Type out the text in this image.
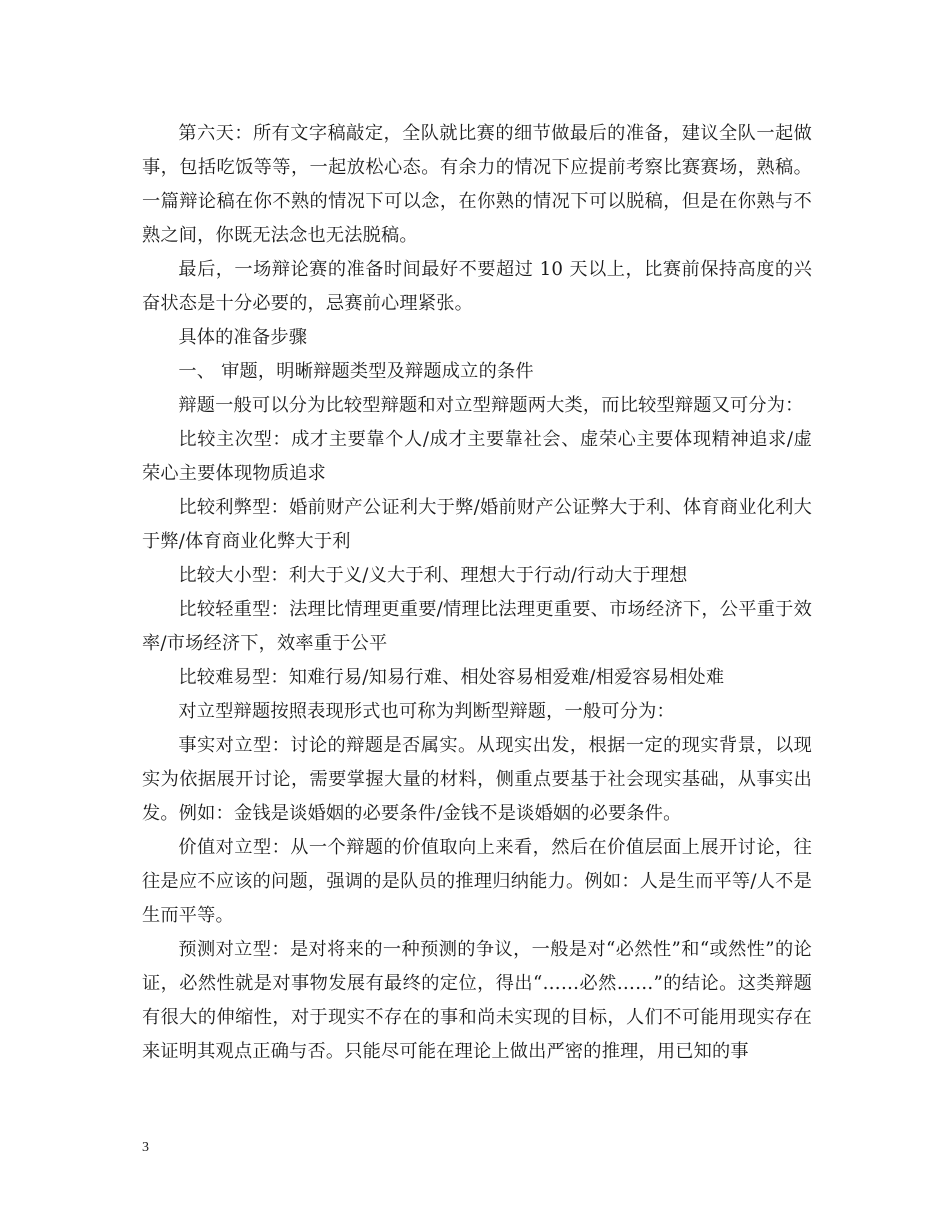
第六天：所有文字稿敲定，全队就比赛的细节做最后的准备，建议全队一起做事，包括吃饭等等，一起放松心态。有余力的情况下应提前考察比赛赛场，熟稿。一篇辩论稿在你不熟的情况下可以念，在你熟的情况下可以脱稿，但是在你熟与不熟之间，你既无法念也无法脱稿。

最后，一场辩论赛的准备时间最好不要超过 10 天以上，比赛前保持高度的兴奋状态是十分必要的，忌赛前心理紧张。

具体的准备步骤

一、 审题，明晰辩题类型及辩题成立的条件

辩题一般可以分为比较型辩题和对立型辩题两大类，而比较型辩题又可分为：

比较主次型：成才主要靠个人/成才主要靠社会、虚荣心主要体现精神追求/虚荣心主要体现物质追求

比较利弊型：婚前财产公证利大于弊/婚前财产公证弊大于利、体育商业化利大于弊/体育商业化弊大于利

比较大小型：利大于义/义大于利、理想大于行动/行动大于理想

比较轻重型：法理比情理更重要/情理比法理更重要、市场经济下，公平重于效率/市场经济下，效率重于公平

比较难易型：知难行易/知易行难、相处容易相爱难/相爱容易相处难

对立型辩题按照表现形式也可称为判断型辩题，一般可分为：

事实对立型：讨论的辩题是否属实。从现实出发，根据一定的现实背景，以现实为依据展开讨论，需要掌握大量的材料，侧重点要基于社会现实基础，从事实出发。例如：金钱是谈婚姻的必要条件/金钱不是谈婚姻的必要条件。

价值对立型：从一个辩题的价值取向上来看，然后在价值层面上展开讨论，往往是应不应该的问题，强调的是队员的推理归纳能力。例如：人是生而平等/人不是生而平等。

预测对立型：是对将来的一种预测的争议，一般是对“必然性”和“或然性”的论证，必然性就是对事物发展有最终的定位，得出“……必然……”的结论。这类辩题有很大的伸缩性，对于现实不存在的事和尚未实现的目标，人们不可能用现实存在来证明其观点正确与否。只能尽可能在理论上做出严密的推理，用已知的事

3
